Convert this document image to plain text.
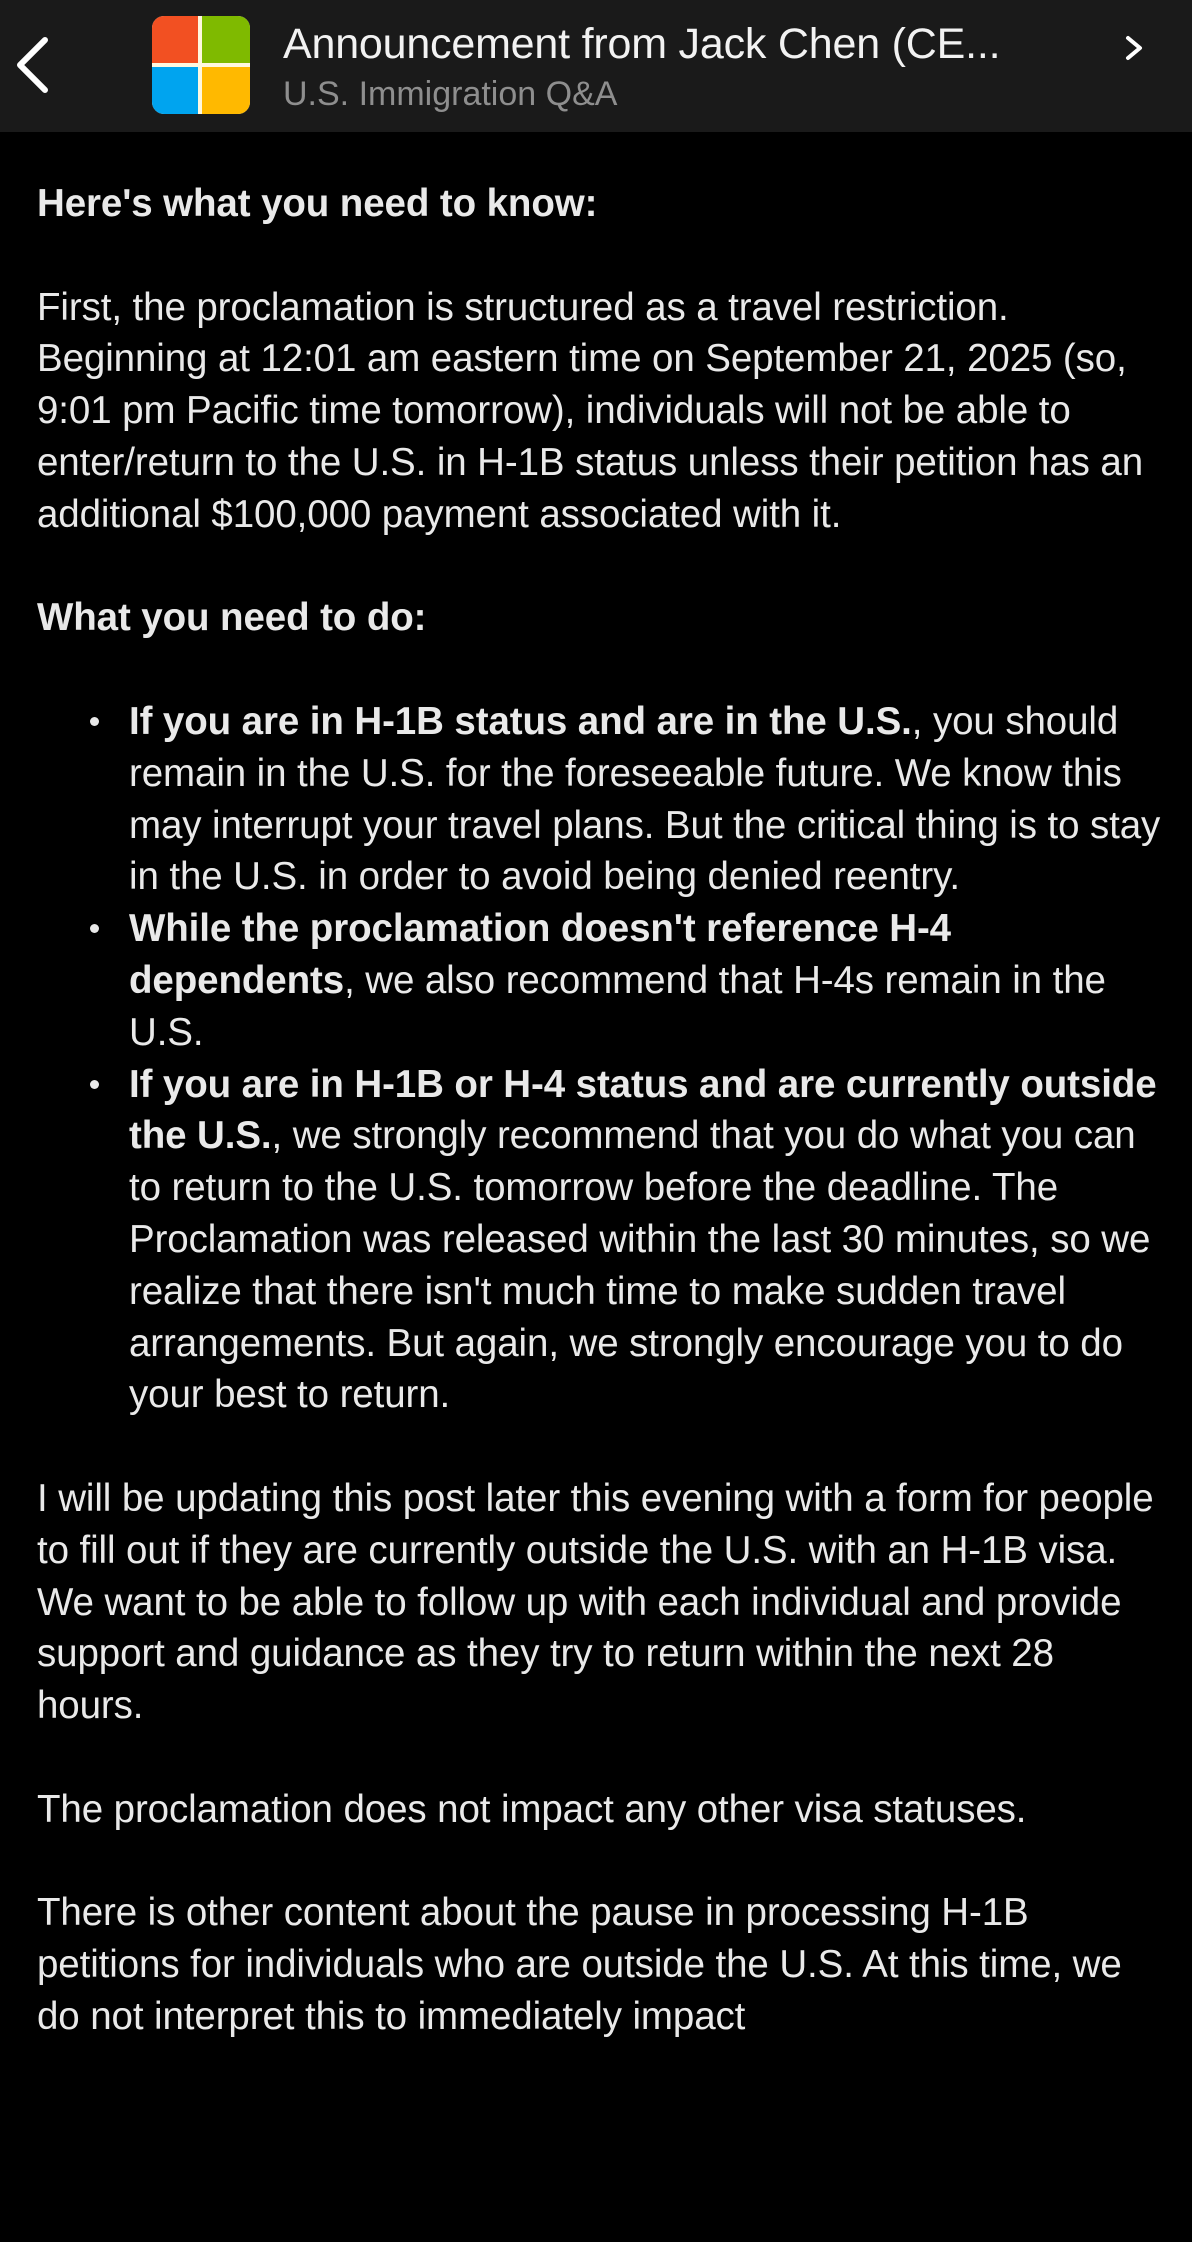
Announcement from Jack Chen (CE...
U.S. Immigration Q&A

Here's what you need to know:

First, the proclamation is structured as a travel restriction. Beginning at 12:01 am eastern time on September 21, 2025 (so, 9:01 pm Pacific time tomorrow), individuals will not be able to enter/return to the U.S. in H-1B status unless their petition has an additional $100,000 payment associated with it.

What you need to do:

If you are in H-1B status and are in the U.S., you should remain in the U.S. for the foreseeable future. We know this may interrupt your travel plans. But the critical thing is to stay in the U.S. in order to avoid being denied reentry.
While the proclamation doesn't reference H-4 dependents, we also recommend that H-4s remain in the U.S.
If you are in H-1B or H-4 status and are currently outside the U.S., we strongly recommend that you do what you can to return to the U.S. tomorrow before the deadline. The Proclamation was released within the last 30 minutes, so we realize that there isn't much time to make sudden travel arrangements. But again, we strongly encourage you to do your best to return.

I will be updating this post later this evening with a form for people to fill out if they are currently outside the U.S. with an H-1B visa. We want to be able to follow up with each individual and provide support and guidance as they try to return within the next 28 hours.

The proclamation does not impact any other visa statuses.

There is other content about the pause in processing H-1B petitions for individuals who are outside the U.S. At this time, we do not interpret this to immediately impact
